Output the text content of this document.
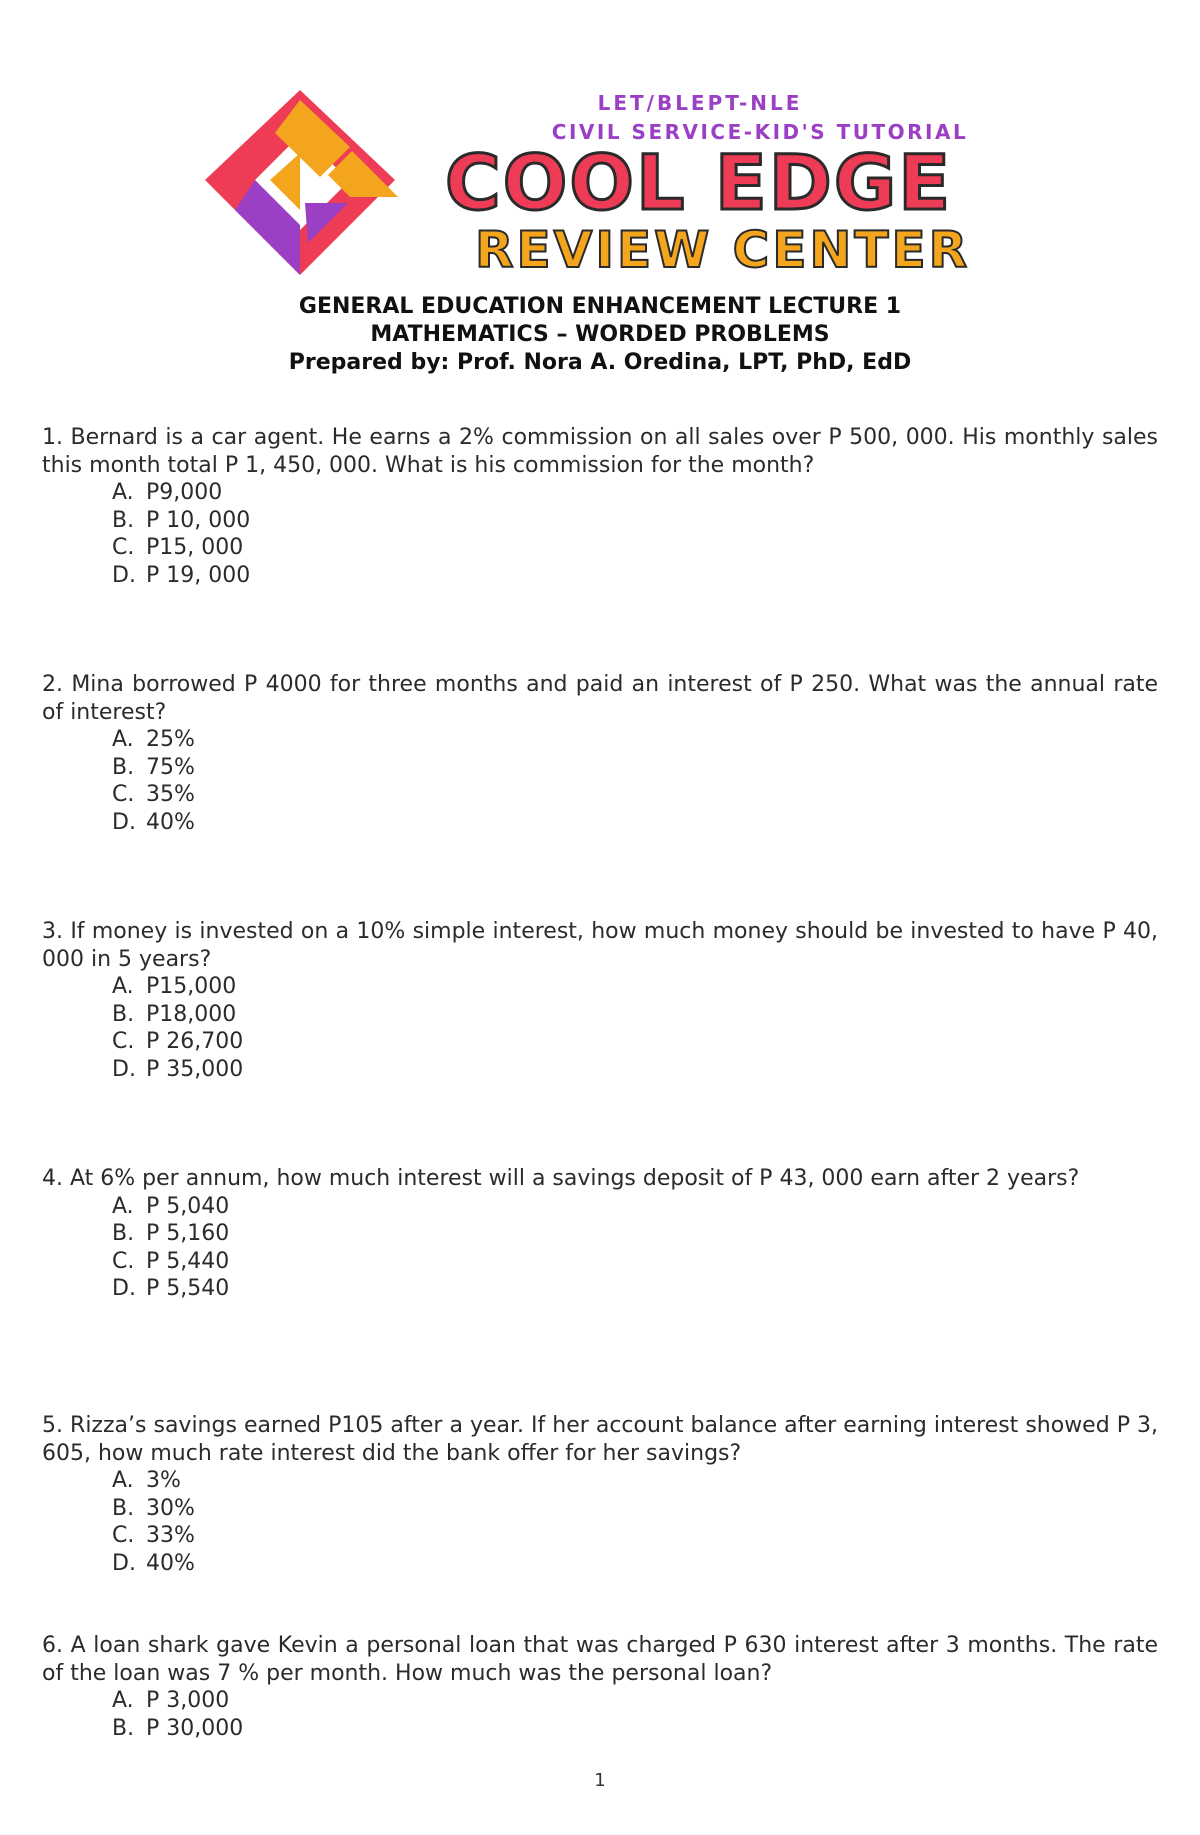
LET/BLEPT-NLE
CIVIL SERVICE-KID'S TUTORIAL
COOL EDGE
REVIEW CENTER
GENERAL EDUCATION ENHANCEMENT LECTURE 1
MATHEMATICS – WORDED PROBLEMS
Prepared by: Prof. Nora A. Oredina, LPT, PhD, EdD

1. Bernard is a car agent. He earns a 2% commission on all sales over P 500, 000. His monthly sales this month total P 1, 450, 000. What is his commission for the month?

A. P9,000
B. P 10, 000
C. P15, 000
D. P 19, 000

2. Mina borrowed P 4000 for three months and paid an interest of P 250. What was the annual rate of interest?

A. 25%
B. 75%
C. 35%
D. 40%

3. If money is invested on a 10% simple interest, how much money should be invested to have P 40, 000 in 5 years?

A. P15,000
B. P18,000
C. P 26,700
D. P 35,000

4. At 6% per annum, how much interest will a savings deposit of P 43, 000 earn after 2 years?

A. P 5,040
B. P 5,160
C. P 5,440
D. P 5,540

5. Rizza’s savings earned P105 after a year. If her account balance after earning interest showed P 3, 605, how much rate interest did the bank offer for her savings?

A. 3%
B. 30%
C. 33%
D. 40%

6. A loan shark gave Kevin a personal loan that was charged P 630 interest after 3 months. The rate of the loan was 7 % per month. How much was the personal loan?

A. P 3,000
B. P 30,000
1
